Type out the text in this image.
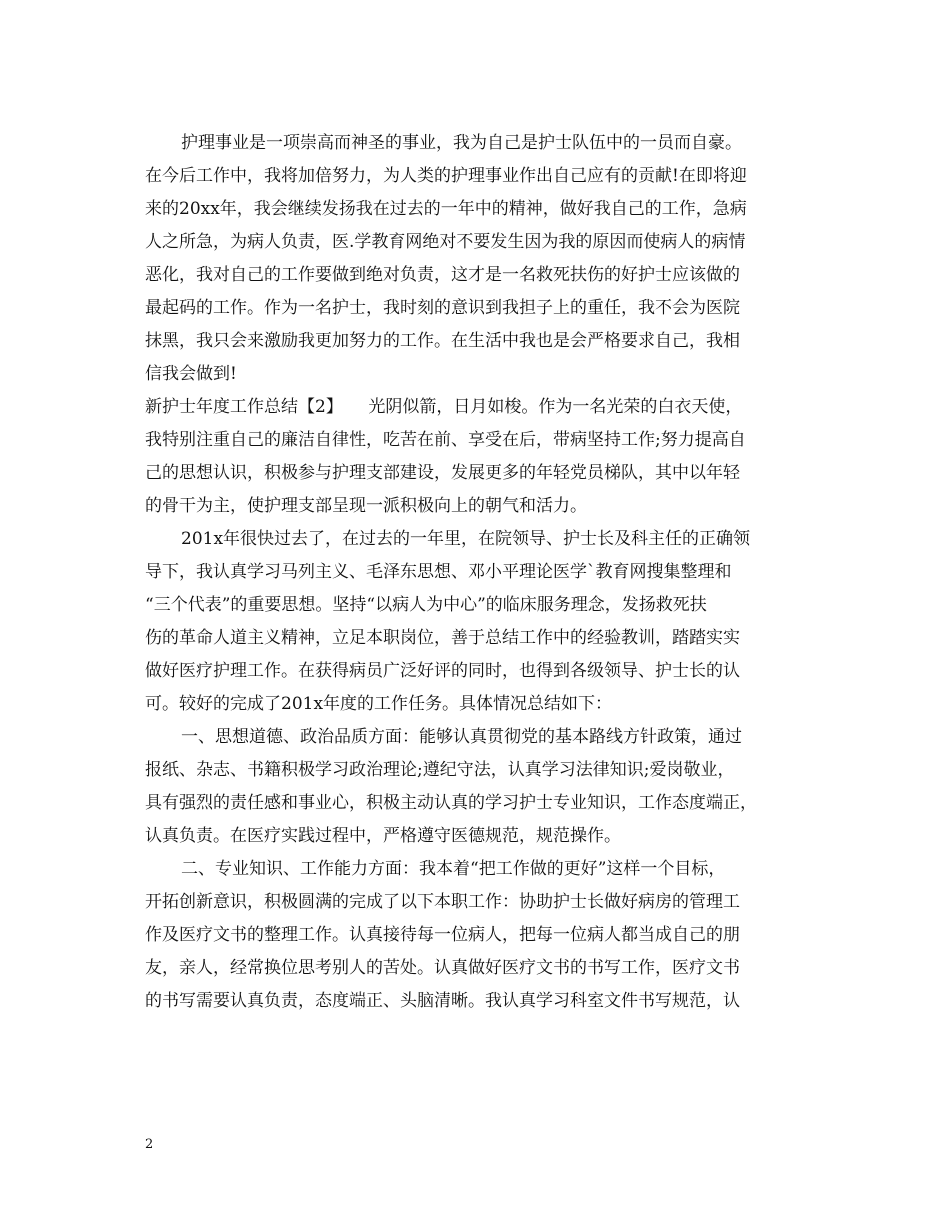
护理事业是一项崇高而神圣的事业，我为自己是护士队伍中的一员而自豪。
在今后工作中，我将加倍努力，为人类的护理事业作出自己应有的贡献!在即将迎
来的20xx年，我会继续发扬我在过去的一年中的精神，做好我自己的工作，急病
人之所急，为病人负责，医.学教育网绝对不要发生因为我的原因而使病人的病情
恶化，我对自己的工作要做到绝对负责，这才是一名救死扶伤的好护士应该做的
最起码的工作。作为一名护士，我时刻的意识到我担子上的重任，我不会为医院
抹黑，我只会来激励我更加努力的工作。在生活中我也是会严格要求自己，我相
信我会做到!
新护士年度工作总结【2】　　光阴似箭，日月如梭。作为一名光荣的白衣天使，
我特别注重自己的廉洁自律性，吃苦在前、享受在后，带病坚持工作;努力提高自
己的思想认识，积极参与护理支部建设，发展更多的年轻党员梯队，其中以年轻
的骨干为主，使护理支部呈现一派积极向上的朝气和活力。
201x年很快过去了，在过去的一年里，在院领导、护士长及科主任的正确领
导下，我认真学习马列主义、毛泽东思想、邓小平理论医学`教育网搜集整理和
“三个代表”的重要思想。坚持“以病人为中心”的临床服务理念，发扬救死扶
伤的革命人道主义精神，立足本职岗位，善于总结工作中的经验教训，踏踏实实
做好医疗护理工作。在获得病员广泛好评的同时，也得到各级领导、护士长的认
可。较好的完成了201x年度的工作任务。具体情况总结如下：
一、思想道德、政治品质方面：能够认真贯彻党的基本路线方针政策，通过
报纸、杂志、书籍积极学习政治理论;遵纪守法，认真学习法律知识;爱岗敬业，
具有强烈的责任感和事业心，积极主动认真的学习护士专业知识，工作态度端正，
认真负责。在医疗实践过程中，严格遵守医德规范，规范操作。
二、专业知识、工作能力方面：我本着“把工作做的更好”这样一个目标，
开拓创新意识，积极圆满的完成了以下本职工作：协助护士长做好病房的管理工
作及医疗文书的整理工作。认真接待每一位病人，把每一位病人都当成自己的朋
友，亲人，经常换位思考别人的苦处。认真做好医疗文书的书写工作，医疗文书
的书写需要认真负责，态度端正、头脑清晰。我认真学习科室文件书写规范，认
2
